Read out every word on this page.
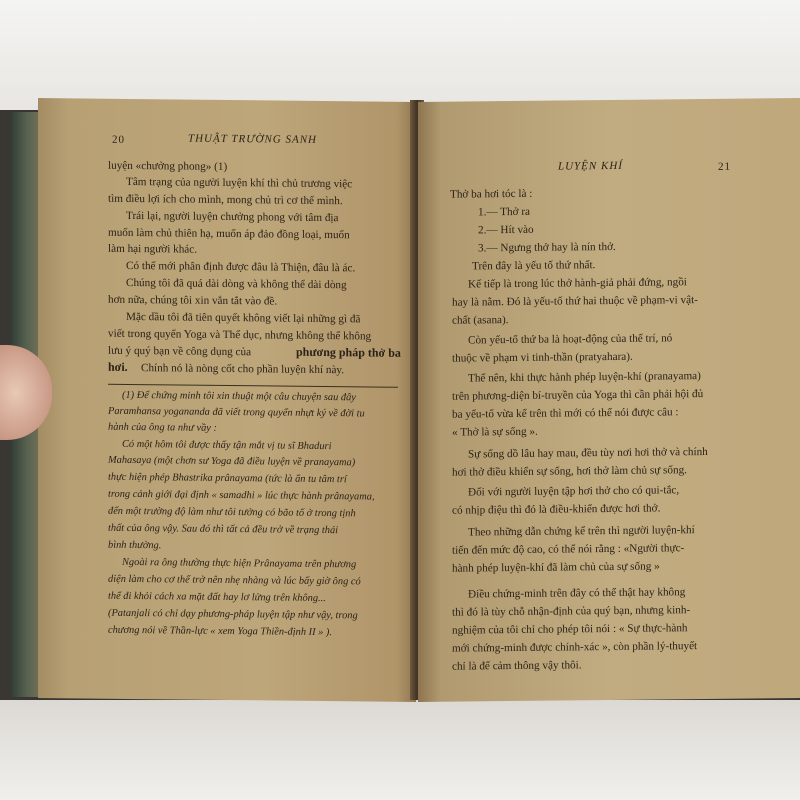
20	THUẬT TRƯỜNG SANH
luyện «chưởng phong» (1)
Tâm trạng của người luyện khí thì chủ trương việc
tìm điều lợi ích cho mình, mong chủ trì cơ thể mình.
Trái lại, người luyện chưởng phong với tâm địa
muốn làm chủ thiên hạ, muốn áp đảo đồng loại, muốn
làm hại người khác.
Có thể mới phân định được đâu là Thiện, đâu là ác.
Chúng tôi đã quá dài dòng và không thể dài dòng
hơn nữa, chúng tôi xin vắn tắt vào đề.
Mặc dầu tôi đã tiên quyết không viết lại những gì đã
viết trong quyển Yoga và Thể dục, nhưng không thể không
lưu ý quý bạn về công dụng của	phương pháp thở ba
hơi. Chính nó là nòng cốt cho phần luyện khí này.
(1) Để chứng minh tôi xin thuật một câu chuyện sau đây
Paramhansa yogananda đã viết trong quyển nhựt ký về đời tu
hành của ông ta như vầy :
Có một hôm tôi được thấy tận mắt vị tu sĩ Bhaduri
Mahasaya (một chơn sư Yoga đã điều luyện về pranayama)
thực hiện phép Bhastrika prânayama (tức là ẩn tu tâm trí
trong cảnh giới đại định « samadhi » lúc thực hành prânayama,
đến một trường độ làm như tôi tưởng có bão tố ở trong tịnh
thất của ông vậy. Sau đó thì tất cả đều trở về trạng thái
bình thường.
Ngoài ra ông thường thực hiện Prânayama trên phương
diện làm cho cơ thể trở nên nhẹ nhàng và lúc bấy giờ ông có
thể đi khỏi cách xa mặt đất hay lơ lửng trên không...
(Patanjali có chỉ dạy phương-pháp luyện tập như vậy, trong
chương nói về Thần-lực « xem Yoga Thiền-định II » ).
LUYỆN KHÍ	21
Thở ba hơi tóc là :
1.— Thở ra
2.— Hít vào
3.— Ngưng thở hay là nín thở.
Trên đây là yếu tố thứ nhất.
Kế tiếp là trong lúc thở hành-giả phải đứng, ngồi
hay là nằm. Đó là yếu-tố thứ hai thuộc về phạm-vi vật-
chất (asana).
Còn yếu-tố thứ ba là hoạt-động của thể trí, nó
thuộc về phạm vi tinh-thần (pratyahara).
Thế nên, khi thực hành phép luyện-khí (pranayama)
trên phương-diện bí-truyền của Yoga thì cần phải hội đủ
ba yếu-tố vừa kể trên thì mới có thể nói được câu :
« Thở là sự sống ».
Sự sống dồ lâu hay mau, đều tùy nơi hơi thở và chính
hơi thở điều khiển sự sống, hơi thở làm chủ sự sống.
Đối với người luyện tập hơi thở cho có qui-tắc,
có nhịp điệu thì đó là điều-khiển được hơi thở.
Theo những dẫn chứng kể trên thì người luyện-khí
tiến đến mức độ cao, có thể nói rằng : «Người thực-
hành phép luyện-khí đã làm chủ của sự sống »
Điều chứng-minh trên đây có thể thật hay không
thì đó là tùy chỗ nhận-định của quý bạn, nhưng kinh-
nghiệm của tôi chỉ cho phép tôi nói : « Sự thực-hành
mới chứng-minh được chính-xác », còn phần lý-thuyết
chỉ là để cảm thông vậy thôi.
